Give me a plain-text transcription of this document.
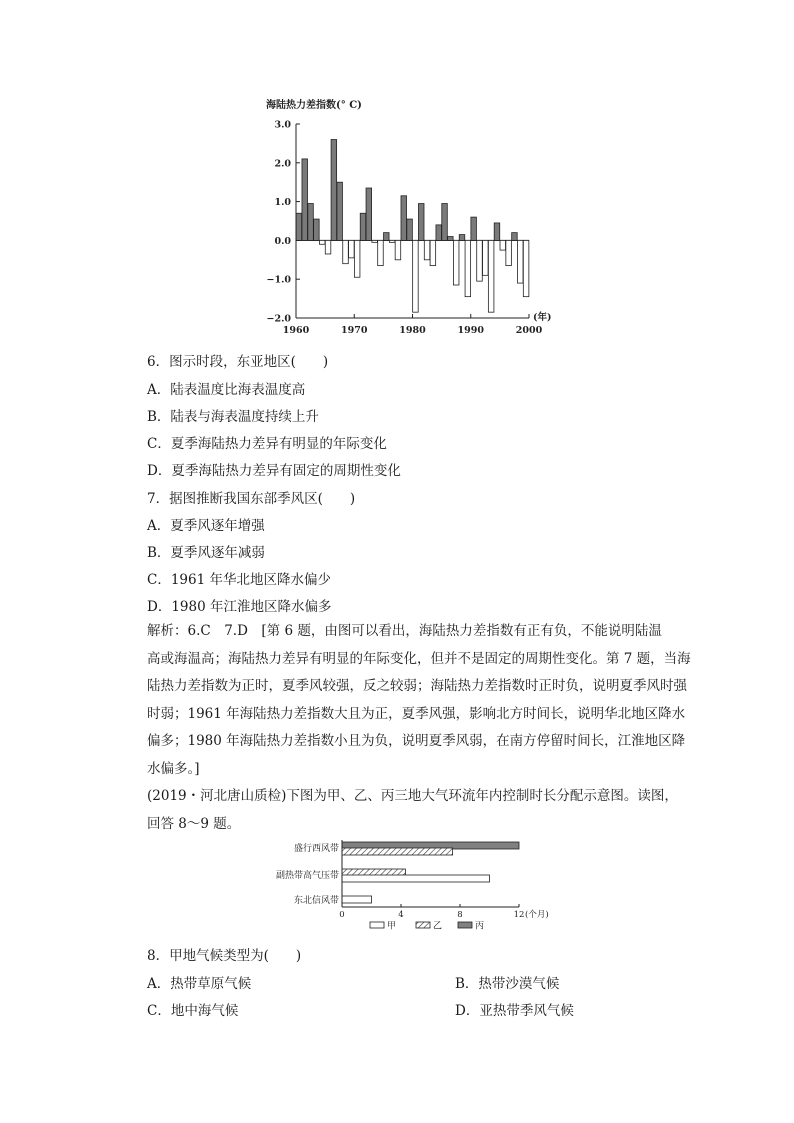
海陆热力差指数(° C)
3.0
2.0
1.0
0.0
−1.0
−2.0
1960	1970	1980	1990	2000
(年)
6．图示时段，东亚地区(　　)
A．陆表温度比海表温度高
B．陆表与海表温度持续上升
C．夏季海陆热力差异有明显的年际变化
D．夏季海陆热力差异有固定的周期性变化
7．据图推断我国东部季风区(　　)
A．夏季风逐年增强
B．夏季风逐年减弱
C．1961 年华北地区降水偏少
D．1980 年江淮地区降水偏多
解析：6.C　7.D　[第 6 题，由图可以看出，海陆热力差指数有正有负，不能说明陆温
高或海温高；海陆热力差异有明显的年际变化，但并不是固定的周期性变化。第 7 题，当海
陆热力差指数为正时，夏季风较强，反之较弱；海陆热力差指数时正时负，说明夏季风时强
时弱；1961 年海陆热力差指数大且为正，夏季风强，影响北方时间长，说明华北地区降水
偏多；1980 年海陆热力差指数小且为负，说明夏季风弱，在南方停留时间长，江淮地区降
水偏多。]
(2019・河北唐山质检)下图为甲、乙、丙三地大气环流年内控制时长分配示意图。读图，
回答 8～9 题。
盛行西风带
副热带高气压带
东北信风带
0	4	8	12 (个月)
甲	乙	丙
8．甲地气候类型为(　　)
A．热带草原气候	B．热带沙漠气候
C．地中海气候	D．亚热带季风气候
